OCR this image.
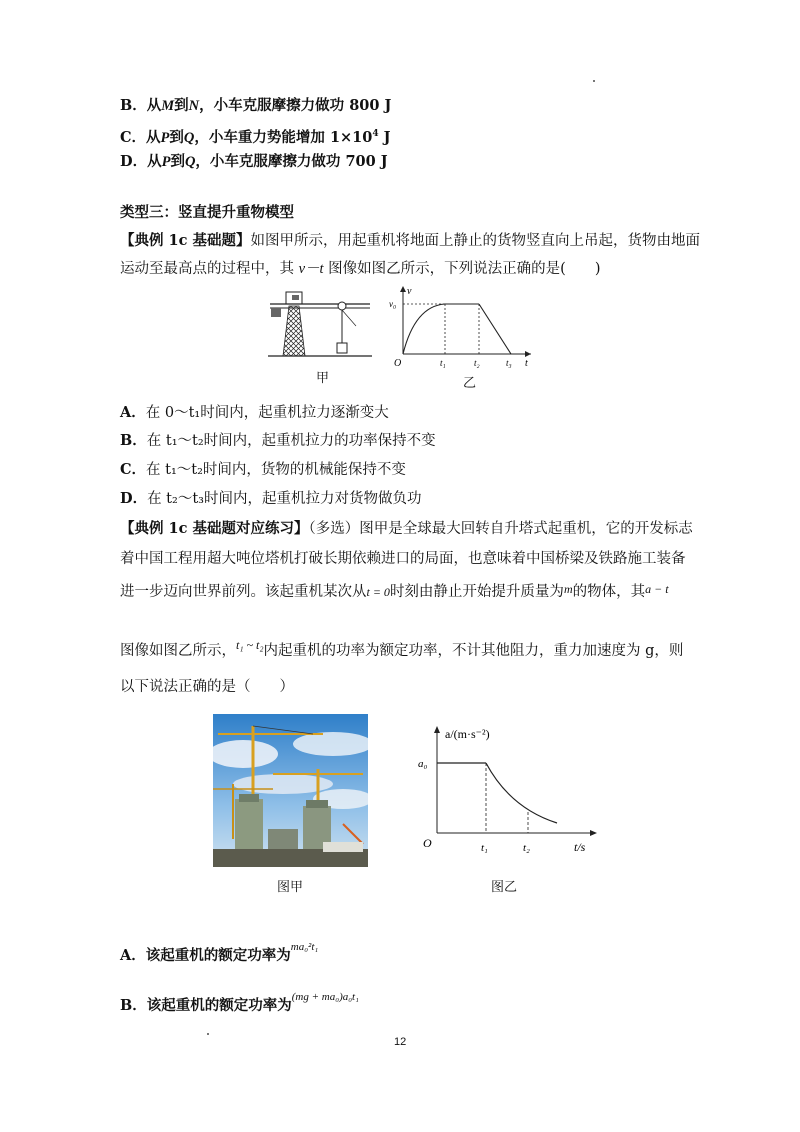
B．从M到N，小车克服摩擦力做功 800 J
C．从P到Q，小车重力势能增加 $1\times 10^4$ J
D．从P到Q，小车克服摩擦力做功 700 J
类型三：竖直提升重物模型
【典例 1c 基础题】如图甲所示，用起重机将地面上静止的货物竖直向上吊起，货物由地面
运动至最高点的过程中，其 v－t 图像如图乙所示，下列说法正确的是(　　)
甲
v
v₀
O	t₁	t₂	t₃ t
乙
A．在 0～t₁时间内，起重机拉力逐渐变大
B．在 t₁～t₂时间内，起重机拉力的功率保持不变
C．在 t₁～t₂时间内，货物的机械能保持不变
D．在 t₂～t₃时间内，起重机拉力对货物做负功
【典例 1c 基础题对应练习】（多选）图甲是全球最大回转自升塔式起重机，它的开发标志
着中国工程用超大吨位塔机打破长期依赖进口的局面，也意味着中国桥梁及铁路施工装备
进一步迈向世界前列。该起重机某次从t = 0时刻由静止开始提升质量为$^m$的物体，其$^{a - t}$
图像如图乙所示，$^{t_1 \sim t_2}$内起重机的功率为额定功率，不计其他阻力，重力加速度为 g，则
以下说法正确的是（　　）
图甲
a/(m·s⁻²)
a₀
O	t₁	t₂	t/s
图乙
A．该起重机的额定功率为$^{ma_0^2t_1}$
B．该起重机的额定功率为$^{(mg + ma_0)a_0t_1}$
12
